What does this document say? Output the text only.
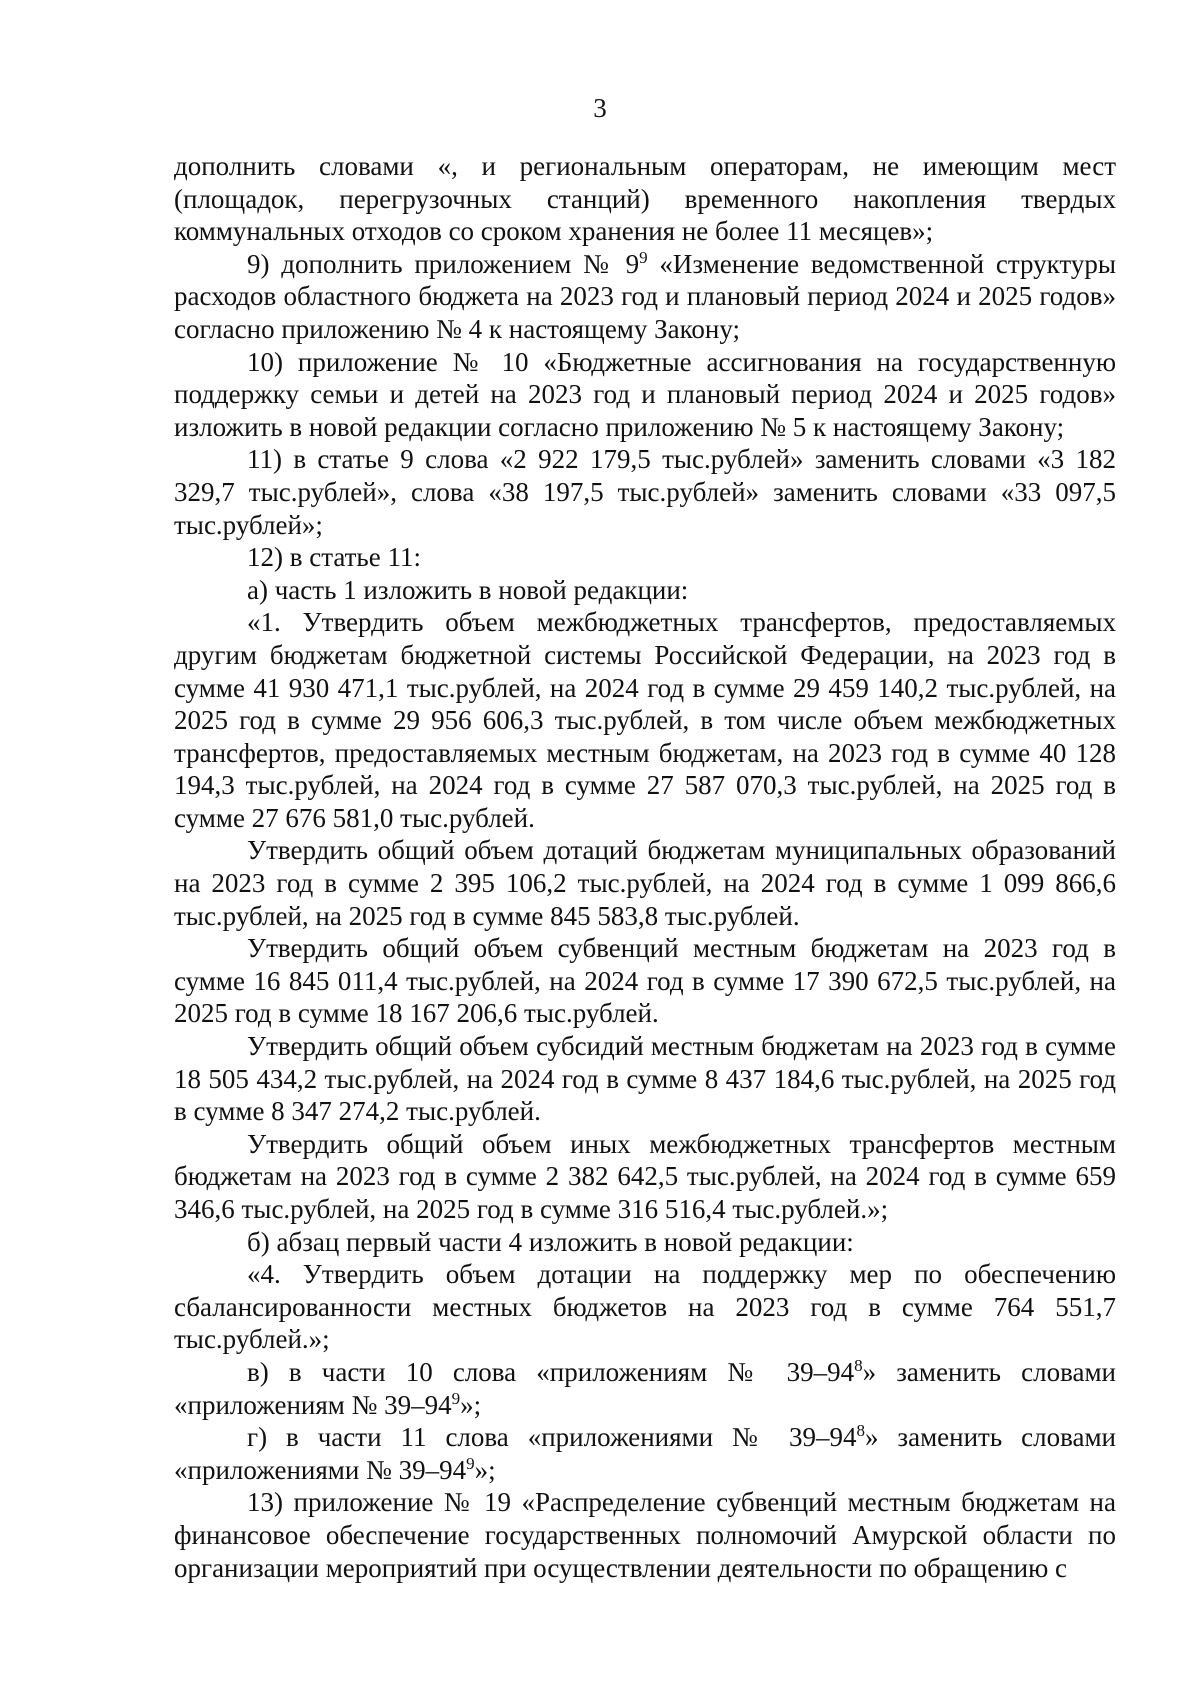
3

дополнить словами «, и региональным операторам, не имеющим мест (площадок, перегрузочных станций) временного накопления твердых коммунальных отходов со сроком хранения не более 11 месяцев»;

9) дополнить приложением № $9^9$ «Изменение ведомственной структуры расходов областного бюджета на 2023 год и плановый период 2024 и 2025 годов» согласно приложению № 4 к настоящему Закону;

10) приложение № 10 «Бюджетные ассигнования на государственную поддержку семьи и детей на 2023 год и плановый период 2024 и 2025 годов» изложить в новой редакции согласно приложению № 5 к настоящему Закону;

11) в статье 9 слова «2 922 179,5 тыс.рублей» заменить словами «3 182 329,7 тыс.рублей», слова «38 197,5 тыс.рублей» заменить словами «33 097,5 тыс.рублей»;

12) в статье 11:

а) часть 1 изложить в новой редакции:

«1. Утвердить объем межбюджетных трансфертов, предоставляемых другим бюджетам бюджетной системы Российской Федерации, на 2023 год в сумме 41 930 471,1 тыс.рублей, на 2024 год в сумме 29 459 140,2 тыс.рублей, на 2025 год в сумме 29 956 606,3 тыс.рублей, в том числе объем межбюджетных трансфертов, предоставляемых местным бюджетам, на 2023 год в сумме 40 128 194,3 тыс.рублей, на 2024 год в сумме 27 587 070,3 тыс.рублей, на 2025 год в сумме 27 676 581,0 тыс.рублей.

Утвердить общий объем дотаций бюджетам муниципальных образований на 2023 год в сумме 2 395 106,2 тыс.рублей, на 2024 год в сумме 1 099 866,6 тыс.рублей, на 2025 год в сумме 845 583,8 тыс.рублей.

Утвердить общий объем субвенций местным бюджетам на 2023 год в сумме 16 845 011,4 тыс.рублей, на 2024 год в сумме 17 390 672,5 тыс.рублей, на 2025 год в сумме 18 167 206,6 тыс.рублей.

Утвердить общий объем субсидий местным бюджетам на 2023 год в сумме 18 505 434,2 тыс.рублей, на 2024 год в сумме 8 437 184,6 тыс.рублей, на 2025 год в сумме 8 347 274,2 тыс.рублей.

Утвердить общий объем иных межбюджетных трансфертов местным бюджетам на 2023 год в сумме 2 382 642,5 тыс.рублей, на 2024 год в сумме 659 346,6 тыс.рублей, на 2025 год в сумме 316 516,4 тыс.рублей.»;

б) абзац первый части 4 изложить в новой редакции:

«4. Утвердить объем дотации на поддержку мер по обеспечению сбалансированности местных бюджетов на 2023 год в сумме 764 551,7 тыс.рублей.»;

в) в части 10 слова «приложениям № $39-94^8$» заменить словами «приложениям № $39-94^9$»;

г) в части 11 слова «приложениями № $39-94^8$» заменить словами «приложениями № $39-94^9$»;

13) приложение № 19 «Распределение субвенций местным бюджетам на финансовое обеспечение государственных полномочий Амурской области по организации мероприятий при осуществлении деятельности по обращению с
